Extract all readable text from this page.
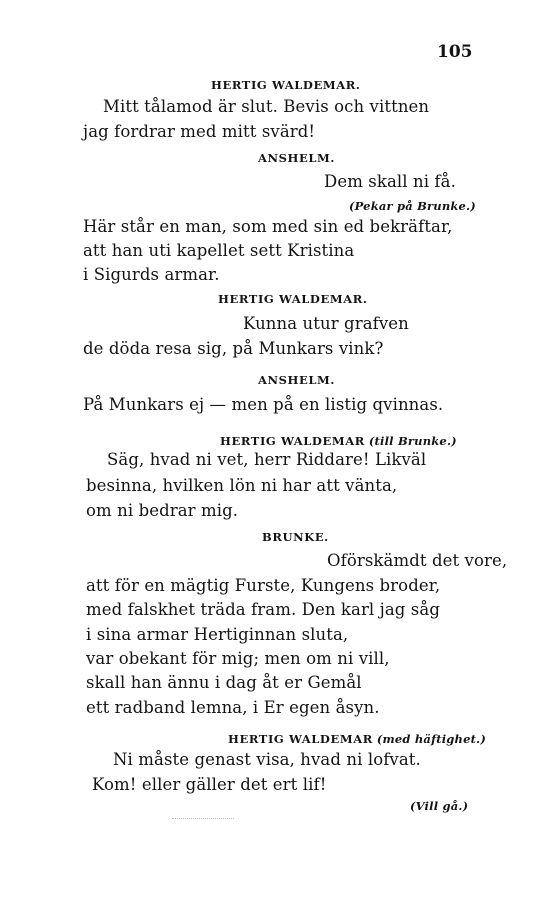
105
HERTIG WALDEMAR.
Mitt tålamod är slut. Bevis och vittnen
jag fordrar med mitt svärd!
ANSHELM.
Dem skall ni få.
(Pekar på Brunke.)
Här står en man, som med sin ed bekräftar,
att han uti kapellet sett Kristina
i Sigurds armar.
HERTIG WALDEMAR.
Kunna utur grafven
de döda resa sig, på Munkars vink?
ANSHELM.
På Munkars ej — men på en listig qvinnas.
HERTIG WALDEMAR (till Brunke.)
Säg, hvad ni vet, herr Riddare! Likväl
besinna, hvilken lön ni har att vänta,
om ni bedrar mig.
BRUNKE.
Oförskämdt det vore,
att för en mägtig Furste, Kungens broder,
med falskhet träda fram. Den karl jag såg
i sina armar Hertiginnan sluta,
var obekant för mig; men om ni vill,
skall han ännu i dag åt er Gemål
ett radband lemna, i Er egen åsyn.
HERTIG WALDEMAR (med häftighet.)
Ni måste genast visa, hvad ni lofvat.
Kom! eller gäller det ert lif!
(Vill gå.)
